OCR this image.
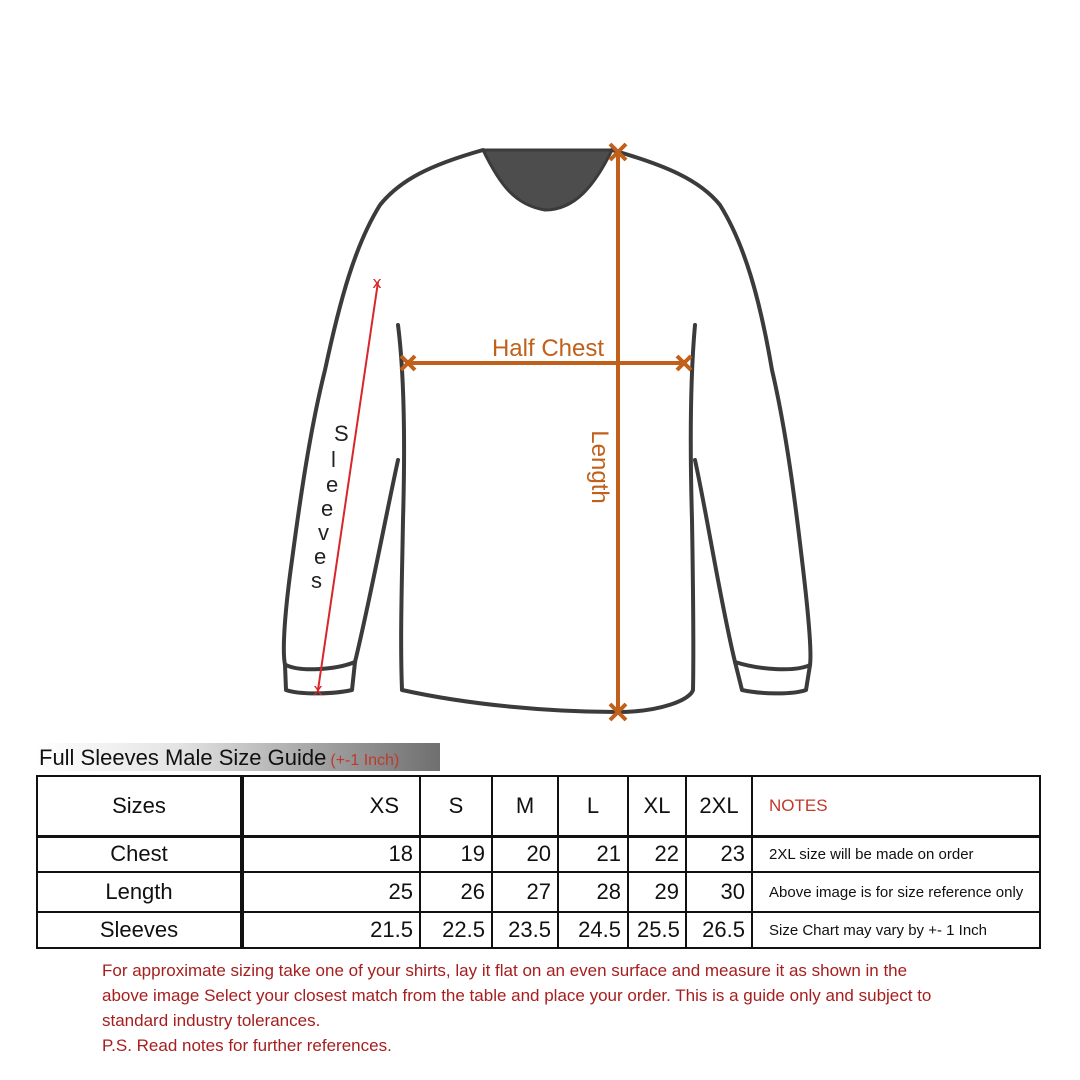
x
x
S
l
e
e
v
e
s
Half Chest
Length
Full Sleeves Male Size Guide (+-1 Inch)
Sizes	XS	S	M	L	XL	2XL	NOTES
Chest	18	19	20	21	22	23	2XL size will be made on order
Length	25	26	27	28	29	30	Above image is for size reference only
Sleeves	21.5	22.5	23.5	24.5	25.5	26.5	Size Chart may vary by +- 1 Inch

For approximate sizing take one of your shirts, lay it flat on an even surface and measure it as shown in the

above image Select your closest match from the table and place your order. This is a guide only and subject to

standard industry tolerances.

P.S. Read notes for further references.
